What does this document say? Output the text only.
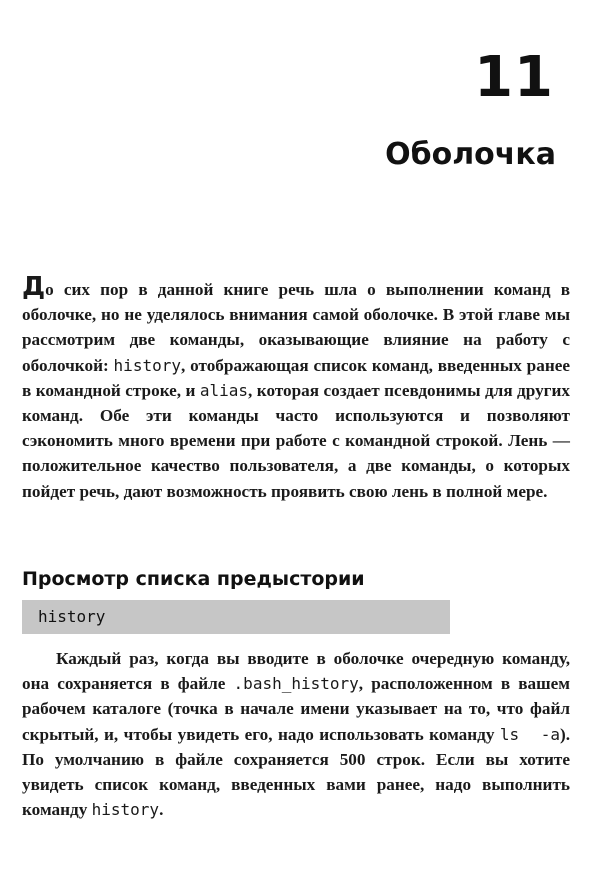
11
Оболочка

До сих пор в данной книге речь шла о выполнении команд в оболочке, но не уделялось внимания самой оболочке. В этой главе мы рассмотрим две команды, оказывающие влияние на работу с оболочкой: history, отображающая список команд, введенных ранее в командной строке, и alias, которая создает псевдонимы для других команд. Обе эти команды часто используются и позволяют сэкономить много времени при работе с командной строкой. Лень — положительное качество пользователя, а две команды, о которых пойдет речь, дают возможность проявить свою лень в полной мере.

Просмотр списка предыстории
history

Каждый раз, когда вы вводите в оболочке очередную команду, она сохраняется в файле .bash_history, расположенном в вашем рабочем каталоге (точка в начале имени указывает на то, что файл скрытый, и, чтобы увидеть его, надо использовать команду ls  -a). По умолчанию в файле сохраняется 500 строк. Если вы хотите увидеть список команд, введенных вами ранее, надо выполнить команду history.
